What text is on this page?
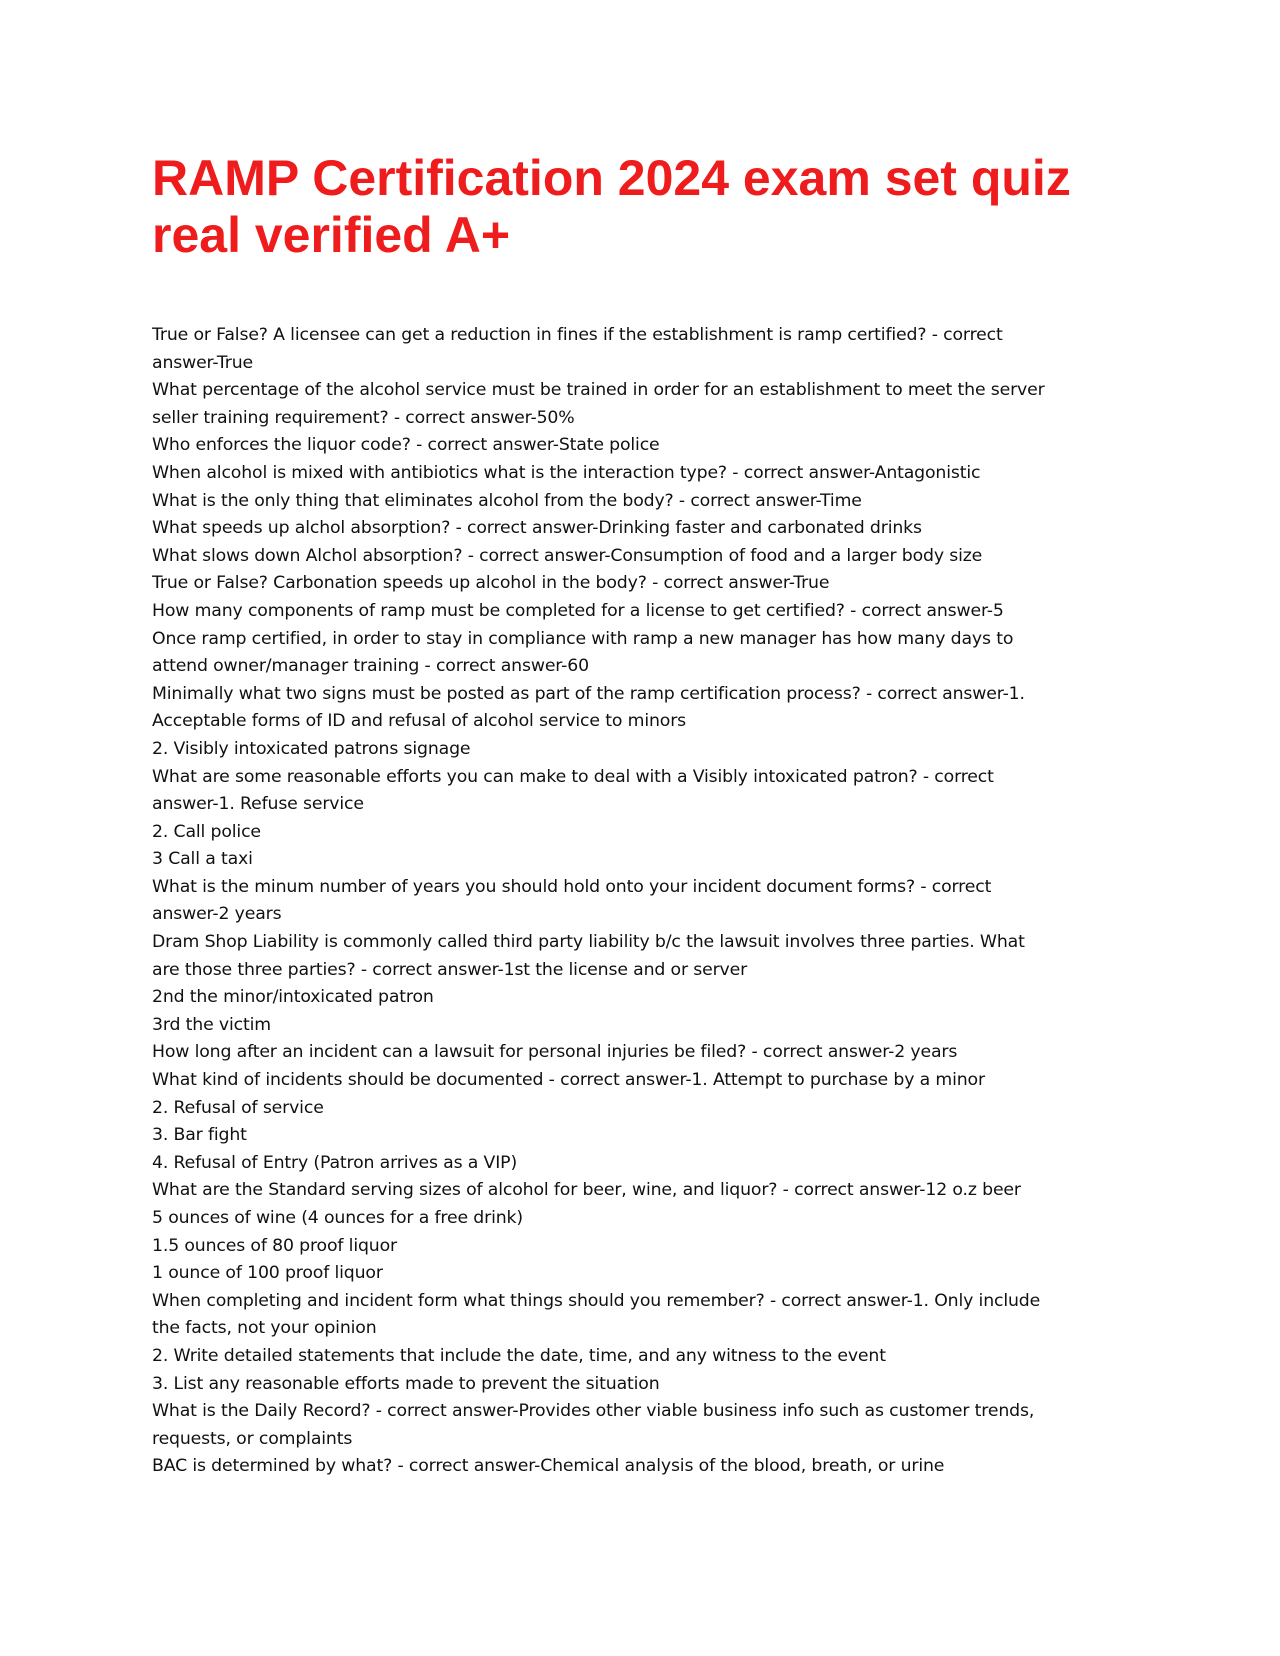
RAMP Certification 2024 exam set quiz
real verified A+
True or False? A licensee can get a reduction in fines if the establishment is ramp certified? - correct
answer-True
What percentage of the alcohol service must be trained in order for an establishment to meet the server
seller training requirement? - correct answer-50%
Who enforces the liquor code? - correct answer-State police
When alcohol is mixed with antibiotics what is the interaction type? - correct answer-Antagonistic
What is the only thing that eliminates alcohol from the body? - correct answer-Time
What speeds up alchol absorption? - correct answer-Drinking faster and carbonated drinks
What slows down Alchol absorption? - correct answer-Consumption of food and a larger body size
True or False? Carbonation speeds up alcohol in the body? - correct answer-True
How many components of ramp must be completed for a license to get certified? - correct answer-5
Once ramp certified, in order to stay in compliance with ramp a new manager has how many days to
attend owner/manager training - correct answer-60
Minimally what two signs must be posted as part of the ramp certification process? - correct answer-1.
Acceptable forms of ID and refusal of alcohol service to minors
2. Visibly intoxicated patrons signage
What are some reasonable efforts you can make to deal with a Visibly intoxicated patron? - correct
answer-1. Refuse service
2. Call police
3 Call a taxi
What is the minum number of years you should hold onto your incident document forms? - correct
answer-2 years
Dram Shop Liability is commonly called third party liability b/c the lawsuit involves three parties. What
are those three parties? - correct answer-1st the license and or server
2nd the minor/intoxicated patron
3rd the victim
How long after an incident can a lawsuit for personal injuries be filed? - correct answer-2 years
What kind of incidents should be documented - correct answer-1. Attempt to purchase by a minor
2. Refusal of service
3. Bar fight
4. Refusal of Entry (Patron arrives as a VIP)
What are the Standard serving sizes of alcohol for beer, wine, and liquor? - correct answer-12 o.z beer
5 ounces of wine (4 ounces for a free drink)
1.5 ounces of 80 proof liquor
1 ounce of 100 proof liquor
When completing and incident form what things should you remember? - correct answer-1. Only include
the facts, not your opinion
2. Write detailed statements that include the date, time, and any witness to the event
3. List any reasonable efforts made to prevent the situation
What is the Daily Record? - correct answer-Provides other viable business info such as customer trends,
requests, or complaints
BAC is determined by what? - correct answer-Chemical analysis of the blood, breath, or urine
